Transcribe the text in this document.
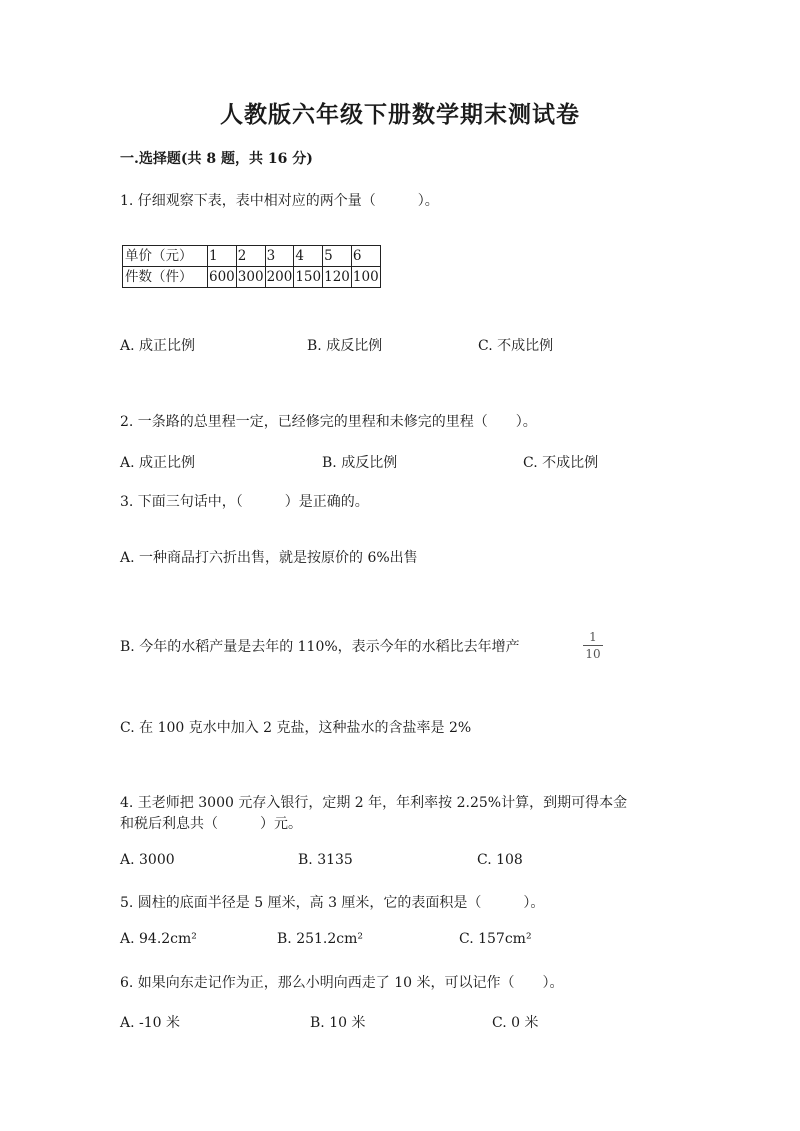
人教版六年级下册数学期末测试卷
一.选择题(共 8 题，共 16 分)
1. 仔细观察下表，表中相对应的两个量（　　　）。
单价（元）	1	2	3	4	5	6
件数（件）	600	300	200	150	120	100
A. 成正比例	B. 成反比例	C. 不成比例
2. 一条路的总里程一定，已经修完的里程和未修完的里程（　　）。
A. 成正比例	B. 成反比例	C. 不成比例
3. 下面三句话中，（　　　）是正确的。
A. 一种商品打六折出售，就是按原价的 6%出售
B. 今年的水稻产量是去年的 110%，表示今年的水稻比去年增产
1
10
C. 在 100 克水中加入 2 克盐，这种盐水的含盐率是 2%
4. 王老师把 3000 元存入银行，定期 2 年，年利率按 2.25%计算，到期可得本金
和税后利息共（　　　）元。
A. 3000	B. 3135	C. 108
5. 圆柱的底面半径是 5 厘米，高 3 厘米，它的表面积是（　　　）。
A. 94.2cm²	B. 251.2cm²	C. 157cm²
6. 如果向东走记作为正，那么小明向西走了 10 米，可以记作（　　）。
A. -10 米	B. 10 米	C. 0 米
